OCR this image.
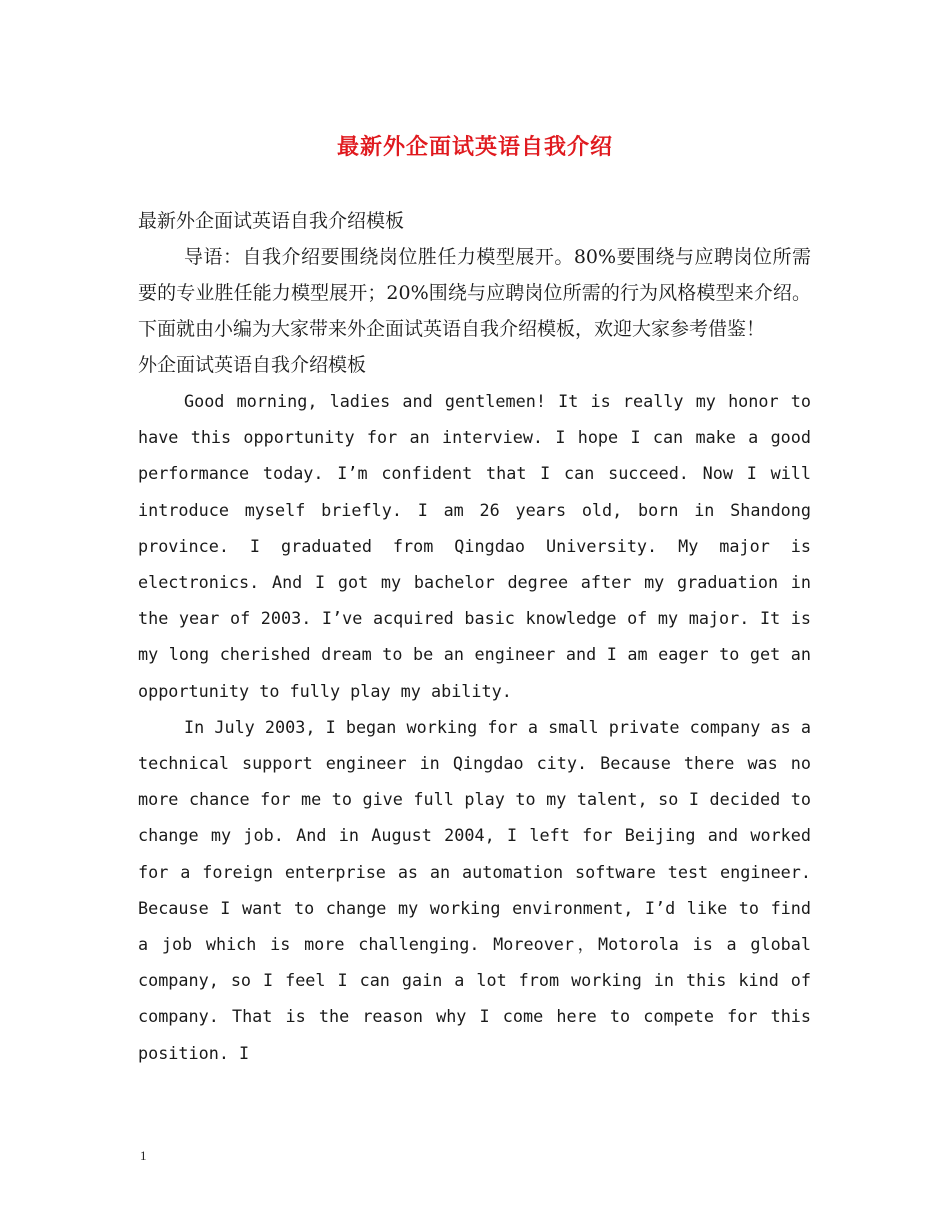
最新外企面试英语自我介绍

最新外企面试英语自我介绍模板

导语：自我介绍要围绕岗位胜任力模型展开。80%要围绕与应聘岗位所需要的专业胜任能力模型展开；20%围绕与应聘岗位所需的行为风格模型来介绍。下面就由小编为大家带来外企面试英语自我介绍模板，欢迎大家参考借鉴！

外企面试英语自我介绍模板

Good morning, ladies and gentlemen! It is really my honor to have this opportunity for an interview. I hope I can make a good performance today. I’m confident that I can succeed. Now I will introduce myself briefly. I am 26 years old, born in Shandong province. I graduated from Qingdao University. My major is electronics. And I got my bachelor degree after my graduation in the year of 2003. I’ve acquired basic knowledge of my major. It is my long cherished dream to be an engineer and I am eager to get an opportunity to fully play my ability.

In July 2003, I began working for a small private company as a technical support engineer in Qingdao city. Because there was no more chance for me to give full play to my talent, so I decided to change my job. And in August 2004, I left for Beijing and worked for a foreign enterprise as an automation software test engineer. Because I want to change my working environment, I’d like to find a job which is more challenging. Moreover，Motorola is a global company, so I feel I can gain a lot from working in this kind of company. That is the reason why I come here to compete for this position. I

1
